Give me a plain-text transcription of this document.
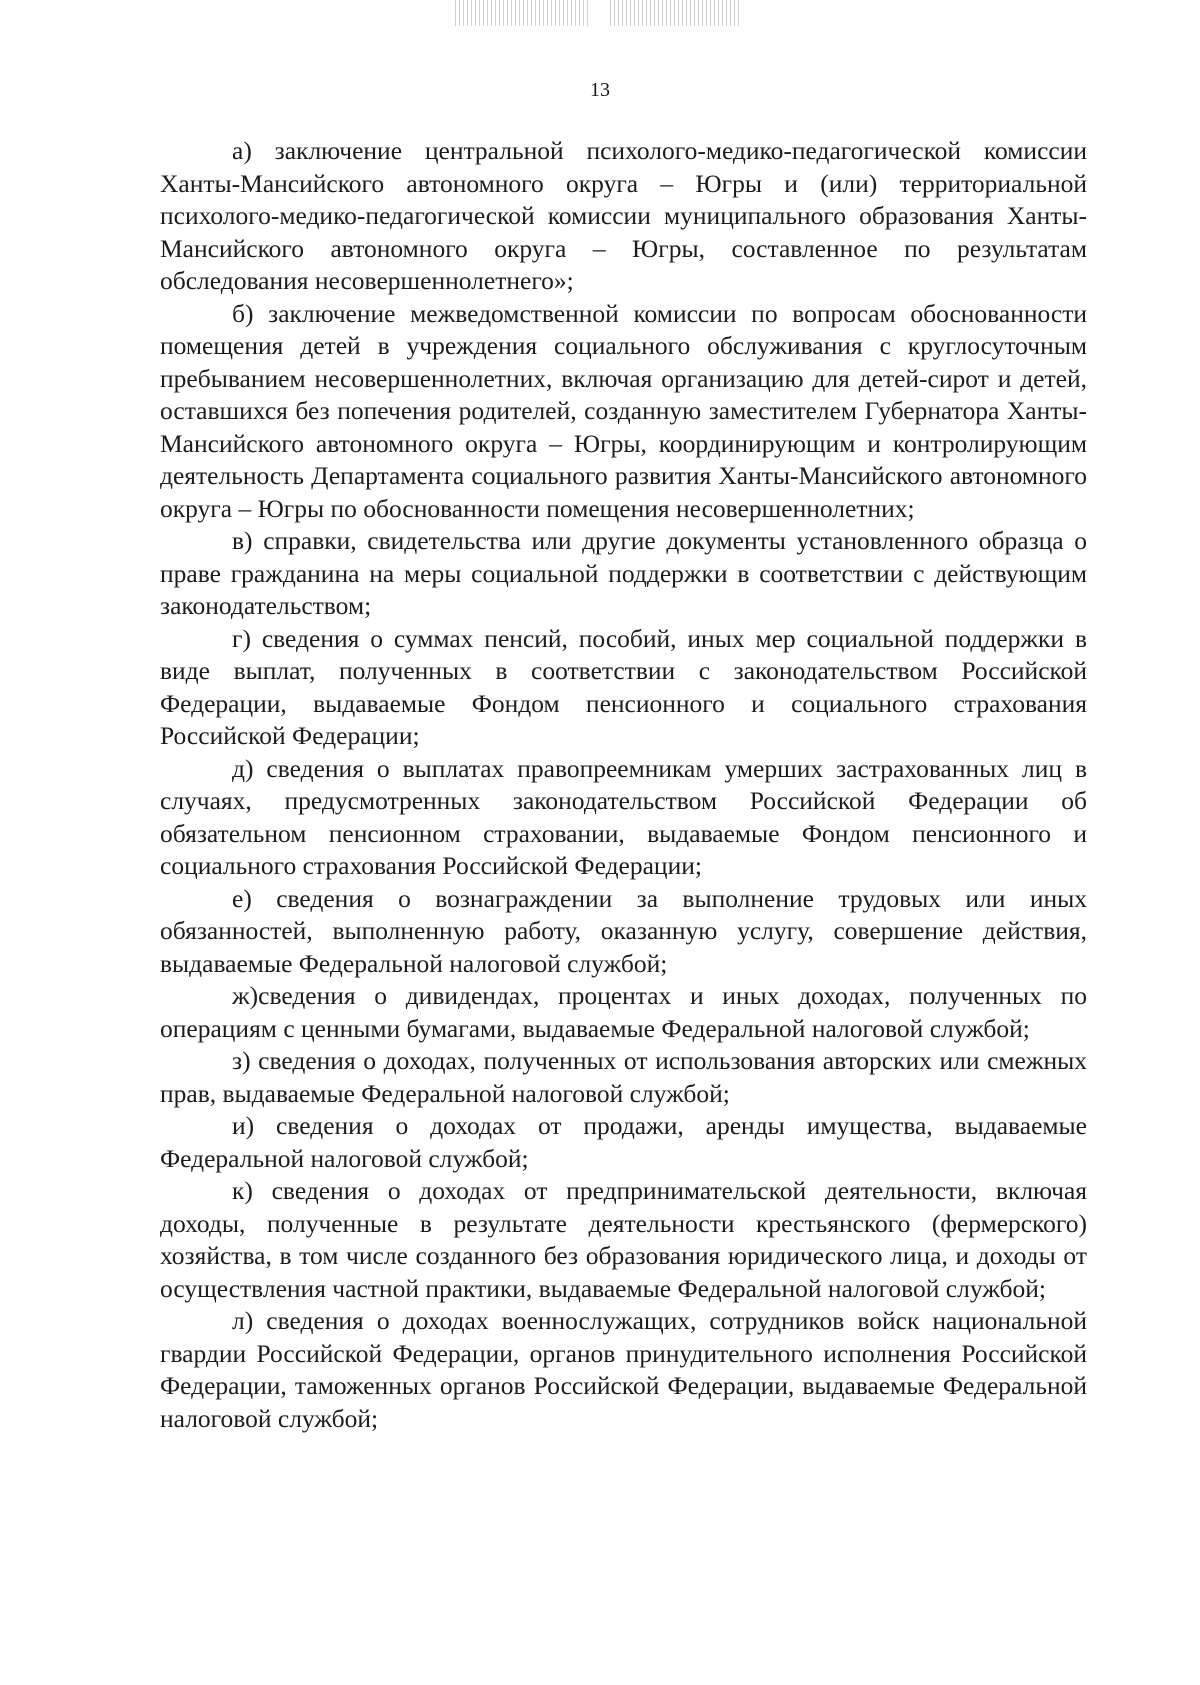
13

а) заключение центральной психолого-медико-педагогической комиссии Ханты-Мансийского автономного округа – Югры и (или) территориальной психолого-медико-педагогической комиссии муниципального образования Ханты-Мансийского автономного округа – Югры, составленное по результатам обследования несовершеннолетнего»;

б) заключение межведомственной комиссии по вопросам обоснованности помещения детей в учреждения социального обслуживания с круглосуточным пребыванием несовершеннолетних, включая организацию для детей-сирот и детей, оставшихся без попечения родителей, созданную заместителем Губернатора Ханты-Мансийского автономного округа – Югры, координирующим и контролирующим деятельность Департамента социального развития Ханты-Мансийского автономного округа – Югры по обоснованности помещения несовершеннолетних;

в) справки, свидетельства или другие документы установленного образца о праве гражданина на меры социальной поддержки в соответствии с действующим законодательством;

г) сведения о суммах пенсий, пособий, иных мер социальной поддержки в виде выплат, полученных в соответствии с законодательством Российской Федерации, выдаваемые Фондом пенсионного и социального страхования Российской Федерации;

д) сведения о выплатах правопреемникам умерших застрахованных лиц в случаях, предусмотренных законодательством Российской Федерации об обязательном пенсионном страховании, выдаваемые Фондом пенсионного и социального страхования Российской Федерации;

е) сведения о вознаграждении за выполнение трудовых или иных обязанностей, выполненную работу, оказанную услугу, совершение действия, выдаваемые Федеральной налоговой службой;

ж)сведения о дивидендах, процентах и иных доходах, полученных по операциям с ценными бумагами, выдаваемые Федеральной налоговой службой;

з) сведения о доходах, полученных от использования авторских или смежных прав, выдаваемые Федеральной налоговой службой;

и) сведения о доходах от продажи, аренды имущества, выдаваемые Федеральной налоговой службой;

к) сведения о доходах от предпринимательской деятельности, включая доходы, полученные в результате деятельности крестьянского (фермерского) хозяйства, в том числе созданного без образования юридического лица, и доходы от осуществления частной практики, выдаваемые Федеральной налоговой службой;

л) сведения о доходах военнослужащих, сотрудников войск национальной гвардии Российской Федерации, органов принудительного исполнения Российской Федерации, таможенных органов Российской Федерации, выдаваемые Федеральной налоговой службой;
